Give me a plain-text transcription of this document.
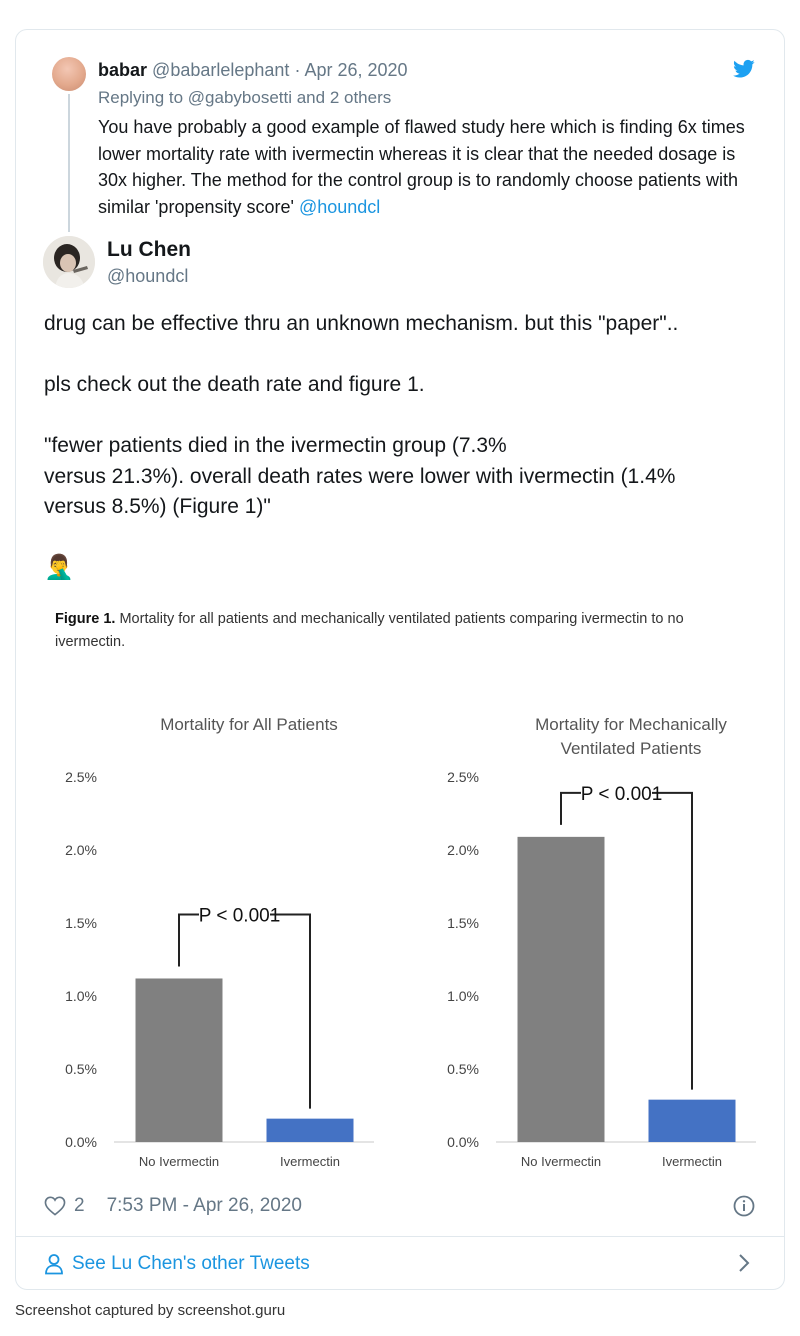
babar @babarlelephant · Apr 26, 2020
Replying to @gabybosetti and 2 others
You have probably a good example of flawed study here which is finding 6x times lower mortality rate with ivermectin whereas it is clear that the needed dosage is 30x higher. The method for the control group is to randomly choose patients with similar 'propensity score' @houndcl
Lu Chen
@houndcl

drug can be effective thru an unknown mechanism. but this "paper"..

pls check out the death rate and figure 1.

"fewer patients died in the ivermectin group (7.3%
versus 21.3%). overall death rates were lower with ivermectin (1.4%
versus 8.5%) (Figure 1)"

🤦‍♂️

Figure 1. Mortality for all patients and mechanically ventilated patients comparing ivermectin to no ivermectin.
Mortality for All Patients
0.0%
0.5%
1.0%
1.5%
2.0%
2.5%
No Ivermectin	Ivermectin
P < 0.001
Mortality for Mechanically
Ventilated Patients
0.0%
0.5%
1.0%
1.5%
2.0%
2.5%
No Ivermectin	Ivermectin
P < 0.001
2 7:53 PM - Apr 26, 2020
See Lu Chen's other Tweets
Screenshot captured by screenshot.guru
